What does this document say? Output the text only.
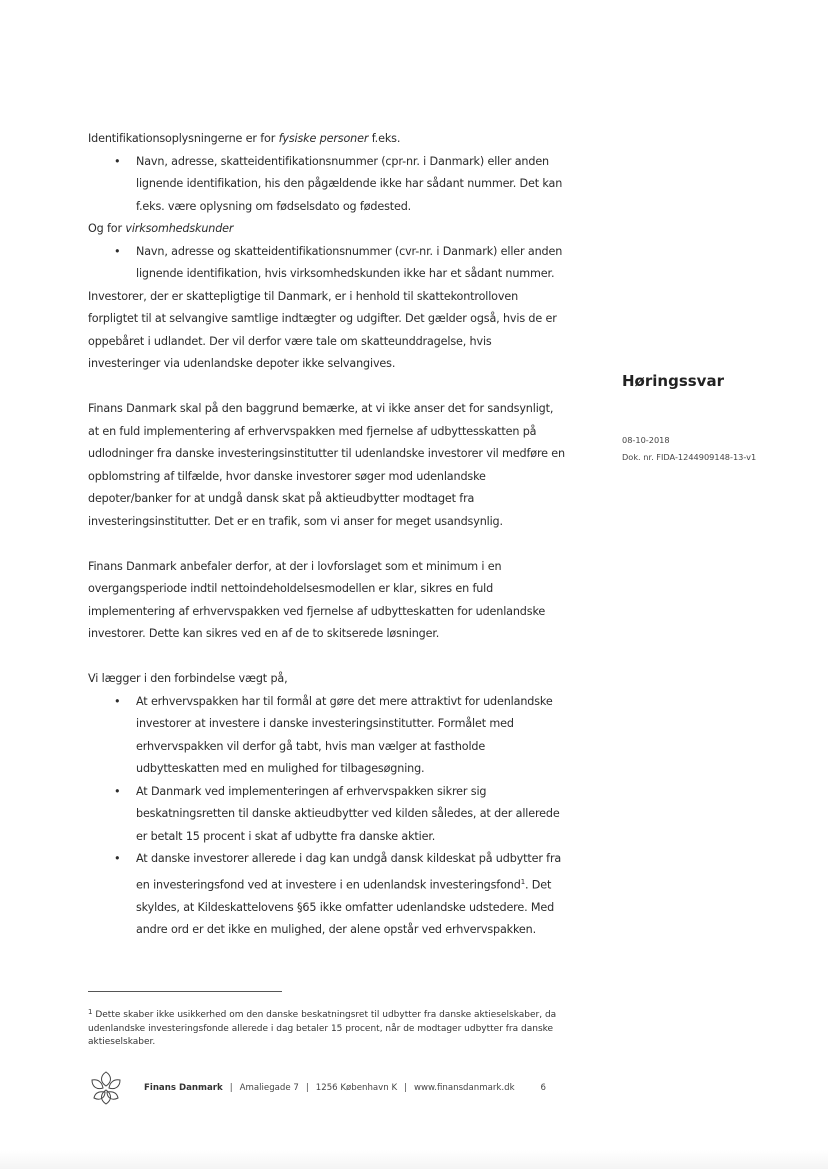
Identifikationsoplysningerne er for fysiske personer f.eks.

• Navn, adresse, skatteidentifikationsnummer (cpr-nr. i Danmark) eller anden lignende identifikation, his den pågældende ikke har sådant nummer. Det kan f.eks. være oplysning om fødselsdato og fødested.

Og for virksomhedskunder

• Navn, adresse og skatteidentifikationsnummer (cvr-nr. i Danmark) eller anden lignende identifikation, hvis virksomhedskunden ikke har et sådant nummer.

Investorer, der er skattepligtige til Danmark, er i henhold til skattekontrolloven forpligtet til at selvangive samtlige indtægter og udgifter. Det gælder også, hvis de er oppebåret i udlandet. Der vil derfor være tale om skatteunddragelse, hvis investeringer via udenlandske depoter ikke selvangives.

Finans Danmark skal på den baggrund bemærke, at vi ikke anser det for sandsynligt, at en fuld implementering af erhvervspakken med fjernelse af udbyttesskatten på udlodninger fra danske investeringsinstitutter til udenlandske investorer vil medføre en opblomstring af tilfælde, hvor danske investorer søger mod udenlandske depoter/banker for at undgå dansk skat på aktieudbytter modtaget fra investeringsinstitutter. Det er en trafik, som vi anser for meget usandsynlig.

Finans Danmark anbefaler derfor, at der i lovforslaget som et minimum i en overgangsperiode indtil nettoindeholdelsesmodellen er klar, sikres en fuld implementering af erhvervspakken ved fjernelse af udbytteskatten for udenlandske investorer. Dette kan sikres ved en af de to skitserede løsninger.

Vi lægger i den forbindelse vægt på,

• At erhvervspakken har til formål at gøre det mere attraktivt for udenlandske investorer at investere i danske investeringsinstitutter. Formålet med erhvervspakken vil derfor gå tabt, hvis man vælger at fastholde udbytteskatten med en mulighed for tilbagesøgning.
• At Danmark ved implementeringen af erhvervspakken sikrer sig beskatningsretten til danske aktieudbytter ved kilden således, at der allerede er betalt 15 procent i skat af udbytte fra danske aktier.
• At danske investorer allerede i dag kan undgå dansk kildeskat på udbytter fra en investeringsfond ved at investere i en udenlandsk investeringsfond$^1$. Det skyldes, at Kildeskattelovens §65 ikke omfatter udenlandske udstedere. Med andre ord er det ikke en mulighed, der alene opstår ved erhvervspakken.

Høringssvar

08-10-2018
Dok. nr. FIDA-1244909148-13-v1
$^1$ Dette skaber ikke usikkerhed om den danske beskatningsret til udbytter fra danske aktieselskaber, da udenlandske investeringsfonde allerede i dag betaler 15 procent, når de modtager udbytter fra danske aktieselskaber.
Finans Danmark | Amaliegade 7 | 1256 København K | www.finansdanmark.dk	6
